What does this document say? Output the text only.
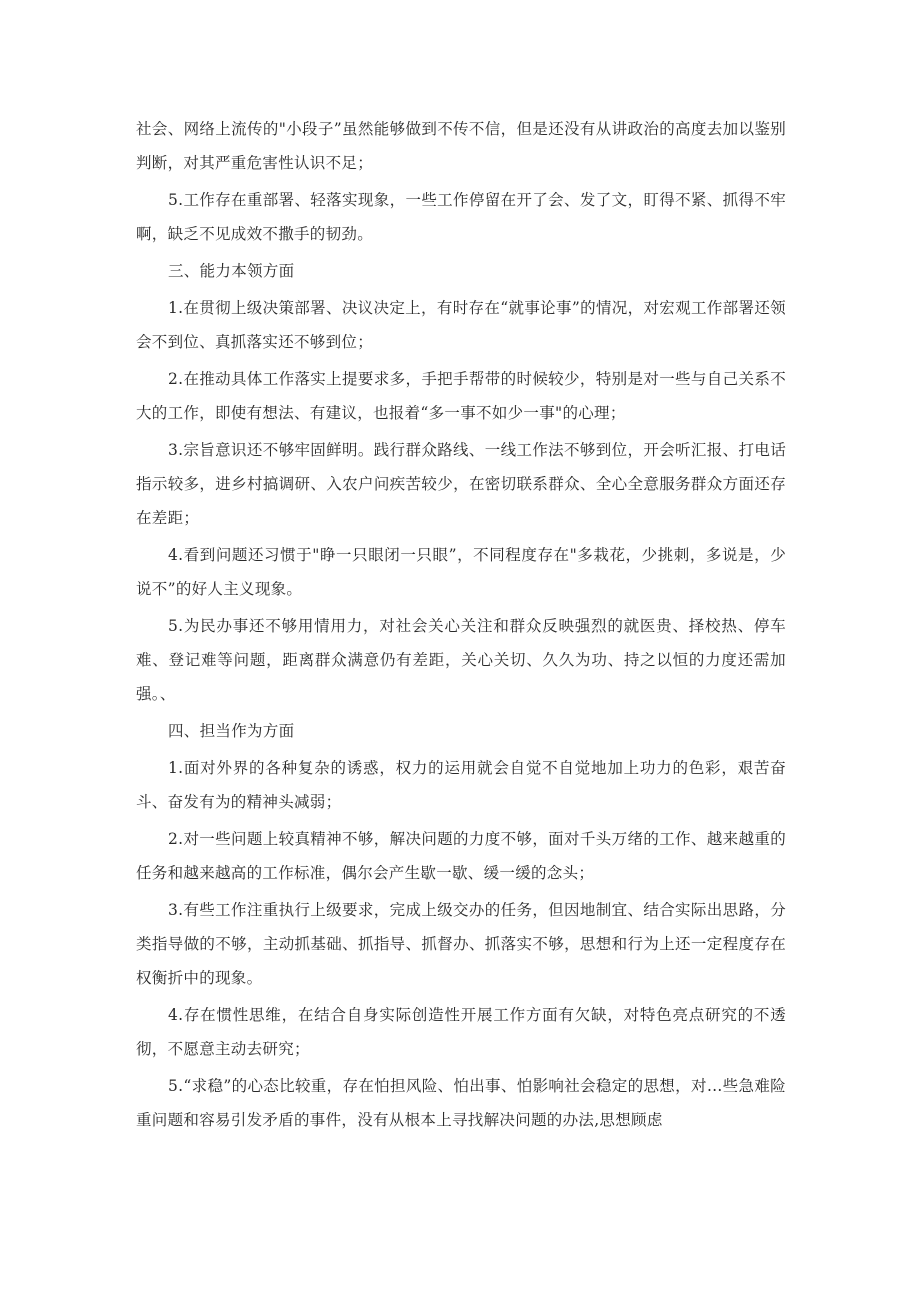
社会、网络上流传的"小段子”虽然能够做到不传不信，但是还没有从讲政治的高度去加以鉴别判断，对其严重危害性认识不足；

5.工作存在重部署、轻落实现象，一些工作停留在开了会、发了文，盯得不紧、抓得不牢啊，缺乏不见成效不撒手的韧劲。

三、能力本领方面

1.在贯彻上级决策部署、决议决定上，有时存在“就事论事”的情况，对宏观工作部署还领会不到位、真抓落实还不够到位；

2.在推动具体工作落实上提要求多，手把手帮带的时候较少，特别是对一些与自己关系不大的工作，即使有想法、有建议，也报着“多一事不如少一事"的心理；

3.宗旨意识还不够牢固鲜明。践行群众路线、一线工作法不够到位，开会听汇报、打电话指示较多，进乡村搞调研、入农户问疾苦较少，在密切联系群众、全心全意服务群众方面还存在差距；

4.看到问题还习惯于"睁一只眼闭一只眼”，不同程度存在"多栽花，少挑刺，多说是，少说不”的好人主义现象。

5.为民办事还不够用情用力，对社会关心关注和群众反映强烈的就医贵、择校热、停车难、登记难等问题，距离群众满意仍有差距，关心关切、久久为功、持之以恒的力度还需加强。、

四、担当作为方面

1.面对外界的各种复杂的诱惑，权力的运用就会自觉不自觉地加上功力的色彩，艰苦奋斗、奋发有为的精神头减弱；

2.对一些问题上较真精神不够，解决问题的力度不够，面对千头万绪的工作、越来越重的任务和越来越高的工作标准，偶尔会产生歇一歇、缓一缓的念头；

3.有些工作注重执行上级要求，完成上级交办的任务，但因地制宜、结合实际出思路，分类指导做的不够，主动抓基础、抓指导、抓督办、抓落实不够，思想和行为上还一定程度存在权衡折中的现象。

4.存在惯性思维，在结合自身实际创造性开展工作方面有欠缺，对特色亮点研究的不透彻，不愿意主动去研究；

5.“求稳”的心态比较重，存在怕担风险、怕出事、怕影响社会稳定的思想，对…些急难险重问题和容易引发矛盾的事件，没有从根本上寻找解决问题的办法,思想顾虑
